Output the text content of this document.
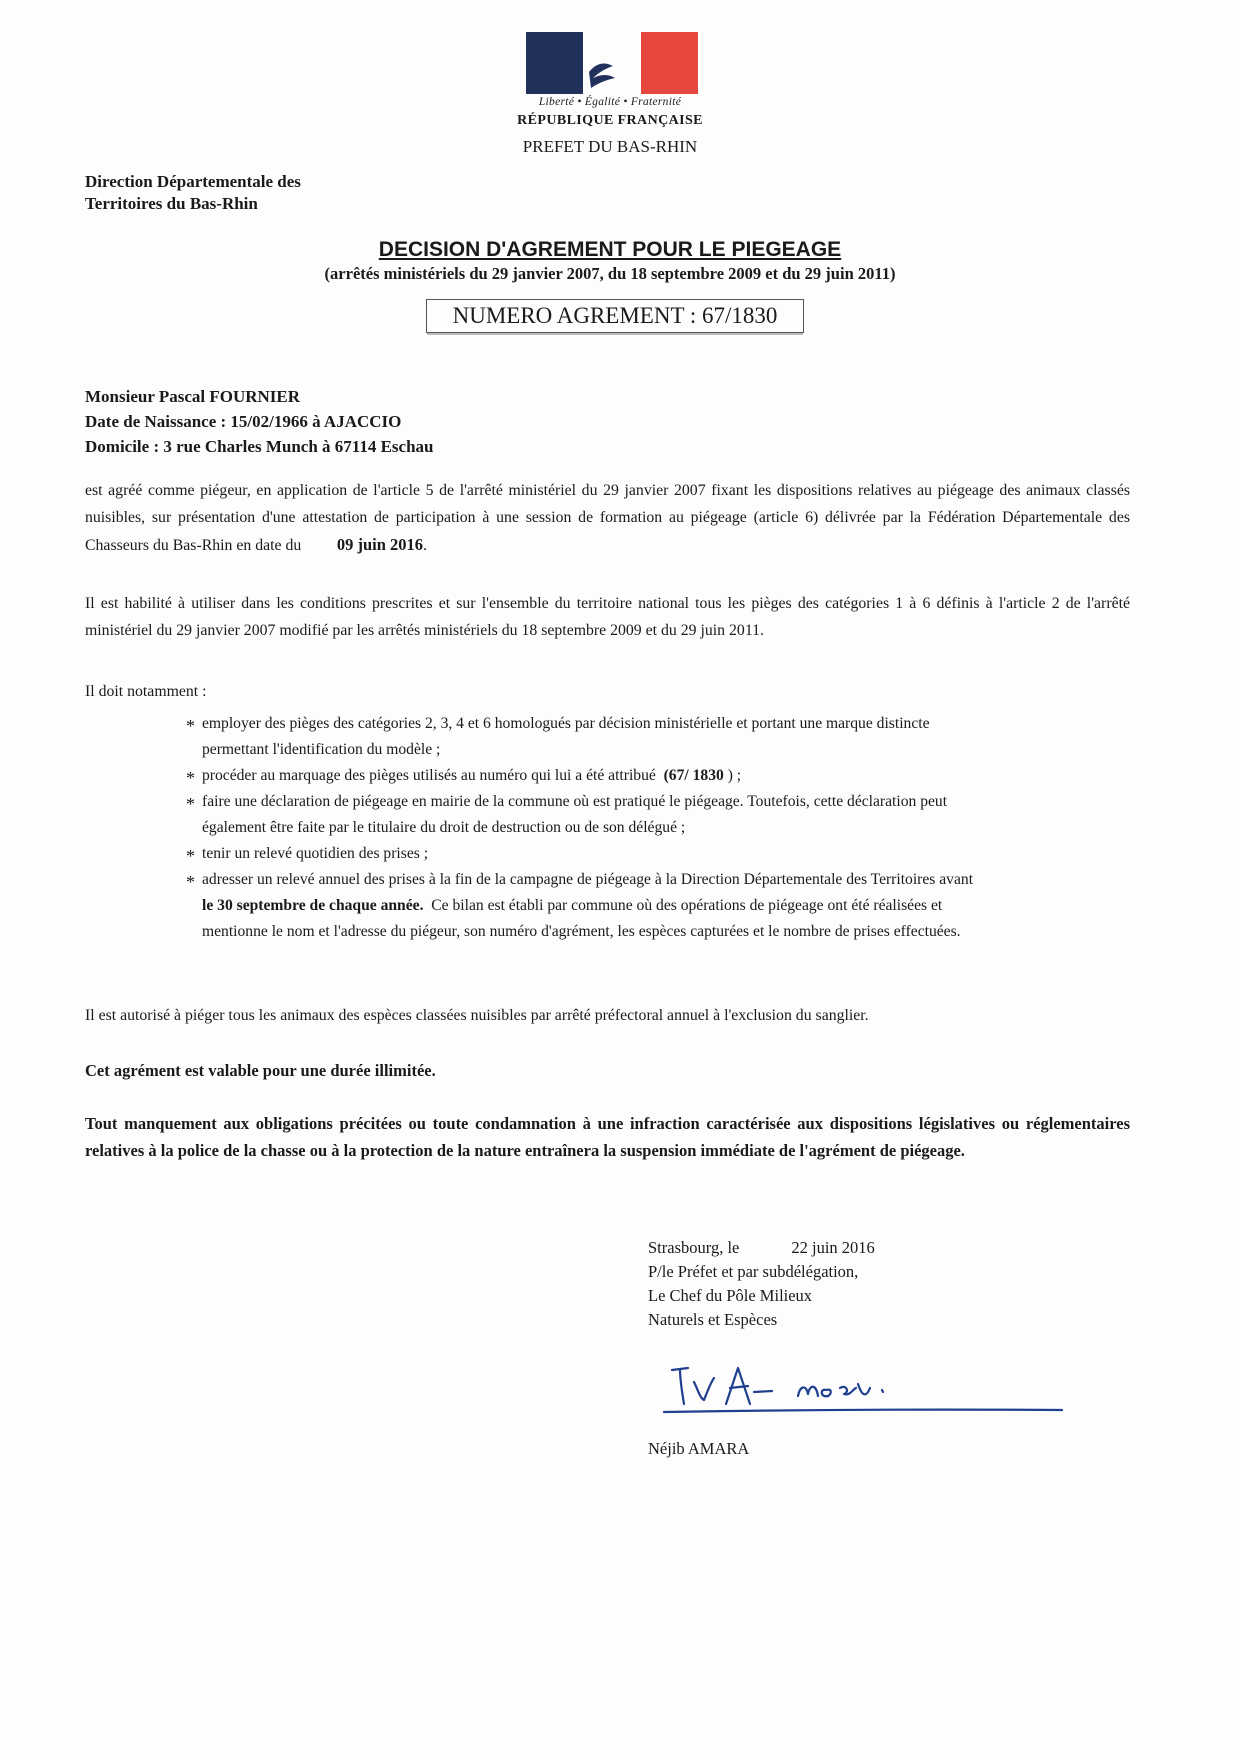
Liberté • Égalité • Fraternité
RÉPUBLIQUE FRANÇAISE
PREFET DU BAS-RHIN
Direction Départementale des
Territoires du Bas-Rhin
DECISION D'AGREMENT POUR LE PIEGEAGE
(arrêtés ministériels du 29 janvier 2007, du 18 septembre 2009 et du 29 juin 2011)
NUMERO AGREMENT : 67/1830
Monsieur Pascal FOURNIER
Date de Naissance : 15/02/1966 à AJACCIO
Domicile : 3 rue Charles Munch à 67114 Eschau
est agréé comme piégeur, en application de l'article 5 de l'arrêté ministériel du 29 janvier 2007 fixant les dispositions relatives au piégeage des animaux classés nuisibles, sur présentation d'une attestation de participation à une session de formation au piégeage (article 6) délivrée par la Fédération Départementale des Chasseurs du Bas-Rhin en date du 09 juin 2016.
Il est habilité à utiliser dans les conditions prescrites et sur l'ensemble du territoire national tous les pièges des catégories 1 à 6 définis à l'article 2 de l'arrêté ministériel du 29 janvier 2007 modifié par les arrêtés ministériels du 18 septembre 2009 et du 29 juin 2011.
Il doit notamment :
* employer des pièges des catégories 2, 3, 4 et 6 homologués par décision ministérielle et portant une marque distincte
permettant l'identification du modèle ;
* procéder au marquage des pièges utilisés au numéro qui lui a été attribué (67/ 1830 ) ;
* faire une déclaration de piégeage en mairie de la commune où est pratiqué le piégeage. Toutefois, cette déclaration peut
également être faite par le titulaire du droit de destruction ou de son délégué ;
* tenir un relevé quotidien des prises ;
* adresser un relevé annuel des prises à la fin de la campagne de piégeage à la Direction Départementale des Territoires avant
le 30 septembre de chaque année. Ce bilan est établi par commune où des opérations de piégeage ont été réalisées et
mentionne le nom et l'adresse du piégeur, son numéro d'agrément, les espèces capturées et le nombre de prises effectuées.
Il est autorisé à piéger tous les animaux des espèces classées nuisibles par arrêté préfectoral annuel à l'exclusion du sanglier.
Cet agrément est valable pour une durée illimitée.
Tout manquement aux obligations précitées ou toute condamnation à une infraction caractérisée aux dispositions législatives ou réglementaires relatives à la police de la chasse ou à la protection de la nature entraînera la suspension immédiate de l'agrément de piégeage.
Strasbourg, le	22 juin 2016
P/le Préfet et par subdélégation,
Le Chef du Pôle Milieux
Naturels et Espèces
Néjib AMARA
